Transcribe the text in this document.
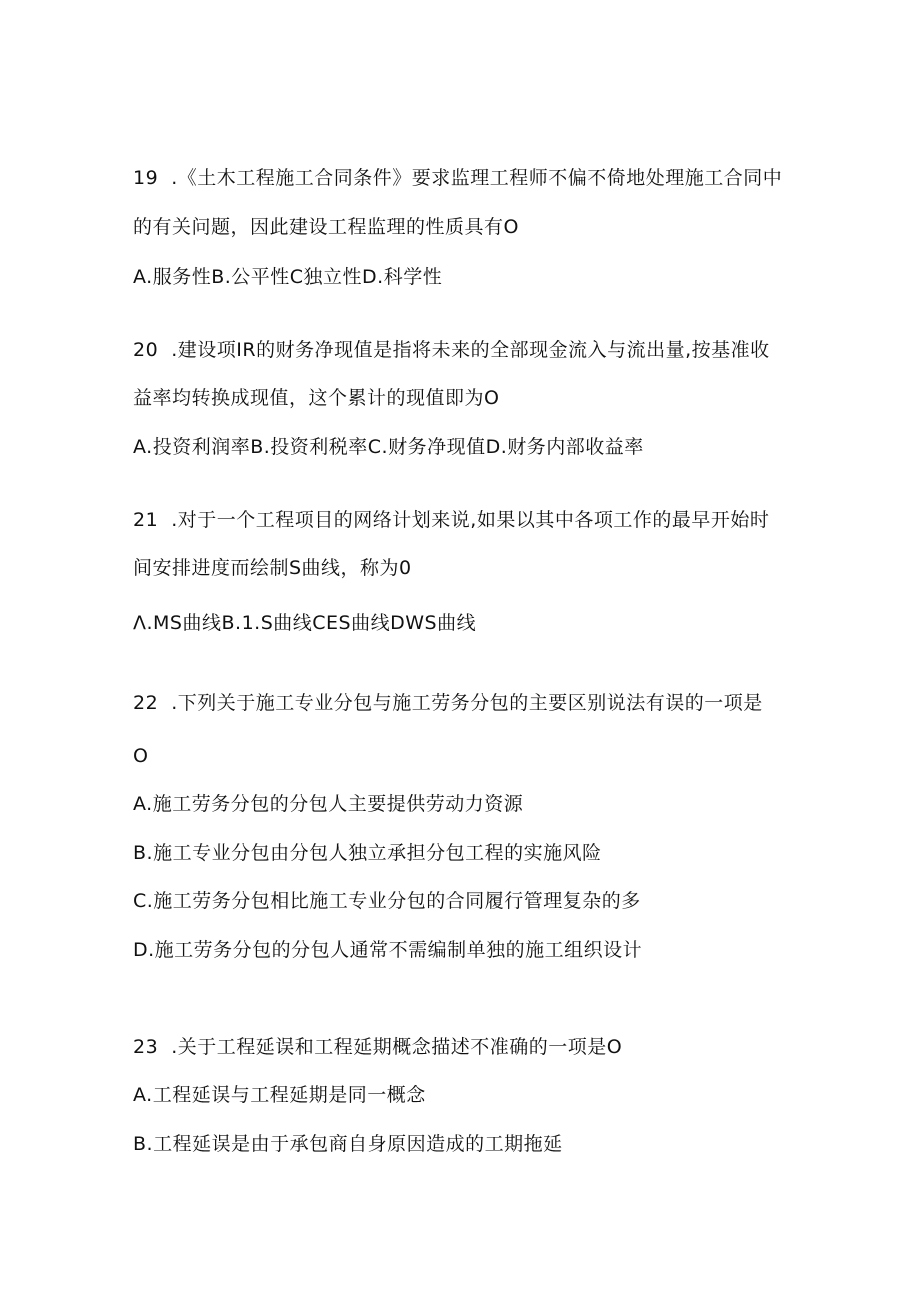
19  .《土木工程施工合同条件》要求监理工程师不偏不倚地处理施工合同中
的有关问题，因此建设工程监理的性质具有O
A.服务性B.公平性C独立性D.科学性
20  .建设项IR的财务净现值是指将未来的全部现金流入与流出量,按基准收
益率均转换成现值，这个累计的现值即为O
A.投资利润率B.投资利税率C.财务净现值D.财务内部收益率
21  .对于一个工程项目的网络计划来说,如果以其中各项工作的最早开始时
间安排进度而绘制S曲线，称为0
Λ.MS曲线B.1.S曲线CES曲线DWS曲线
22  .下列关于施工专业分包与施工劳务分包的主要区别说法有误的一项是
O
A.施工劳务分包的分包人主要提供劳动力资源
B.施工专业分包由分包人独立承担分包工程的实施风险
C.施工劳务分包相比施工专业分包的合同履行管理复杂的多
D.施工劳务分包的分包人通常不需编制单独的施工组织设计
23  .关于工程延误和工程延期概念描述不准确的一项是O
A.工程延误与工程延期是同一概念
B.工程延误是由于承包商自身原因造成的工期拖延
